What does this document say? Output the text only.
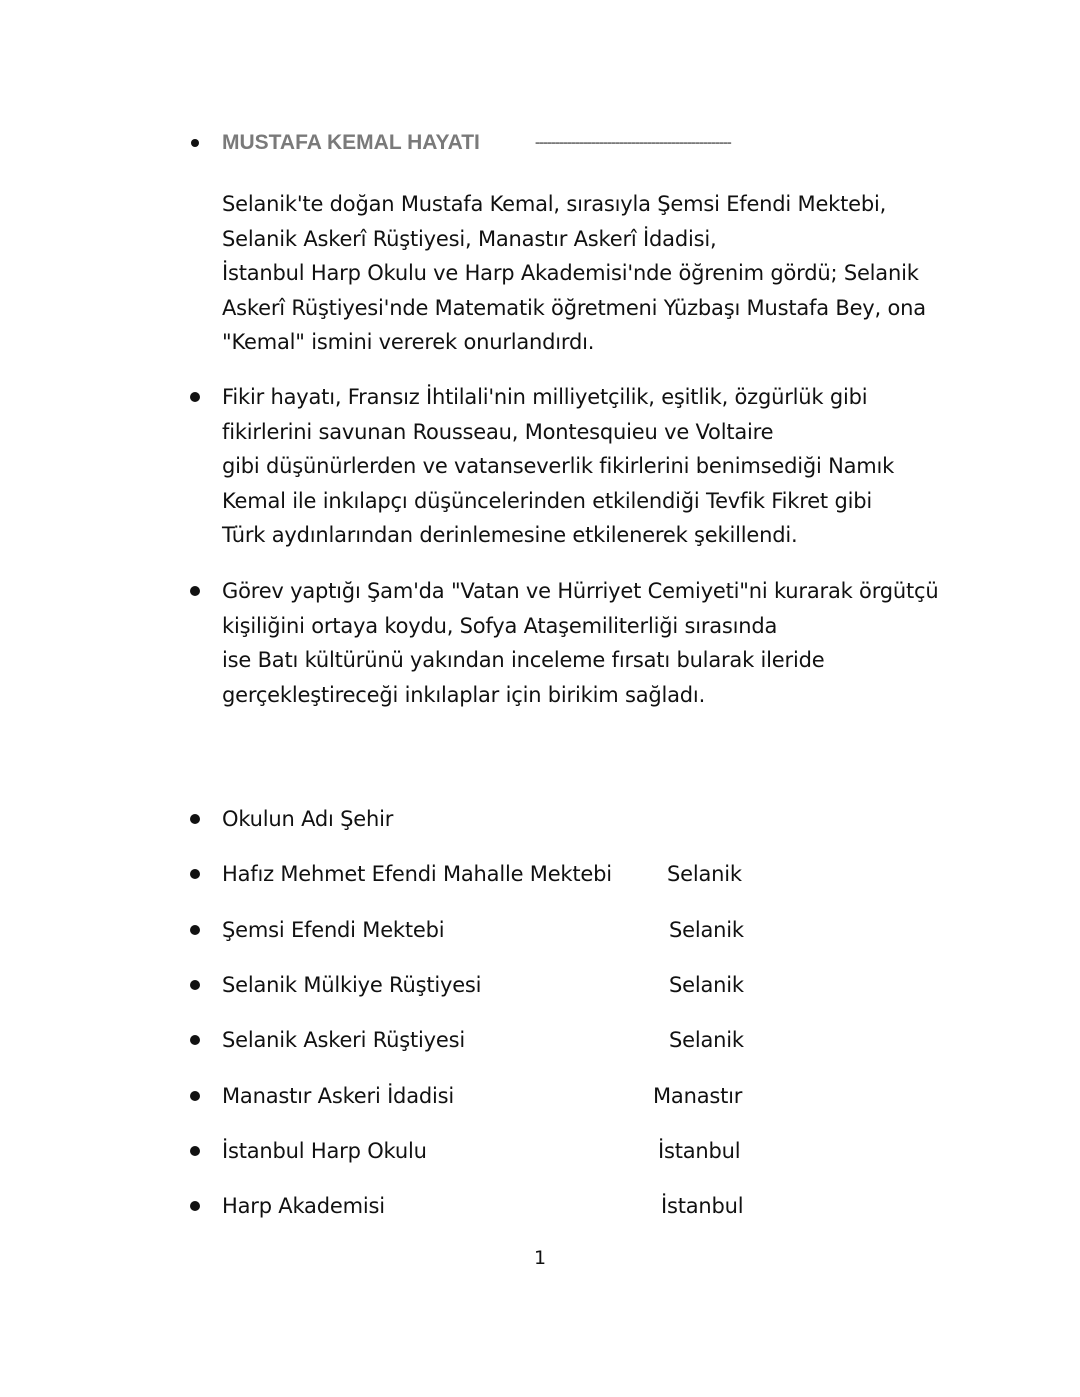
MUSTAFA KEMAL HAYATI	-------------------------------------------------
Selanik'te doğan Mustafa Kemal, sırasıyla Şemsi Efendi Mektebi,
Selanik Askerî Rüştiyesi, Manastır Askerî İdadisi,
İstanbul Harp Okulu ve Harp Akademisi'nde öğrenim gördü; Selanik
Askerî Rüştiyesi'nde Matematik öğretmeni Yüzbaşı Mustafa Bey, ona
"Kemal" ismini vererek onurlandırdı.
Fikir hayatı, Fransız İhtilali'nin milliyetçilik, eşitlik, özgürlük gibi
fikirlerini savunan Rousseau, Montesquieu ve Voltaire
gibi düşünürlerden ve vatanseverlik fikirlerini benimsediği Namık
Kemal ile inkılapçı düşüncelerinden etkilendiği Tevfik Fikret gibi
Türk aydınlarından derinlemesine etkilenerek şekillendi.
Görev yaptığı Şam'da "Vatan ve Hürriyet Cemiyeti"ni kurarak örgütçü
kişiliğini ortaya koydu, Sofya Ataşemiliterliği sırasında
ise Batı kültürünü yakından inceleme fırsatı bularak ileride
gerçekleştireceği inkılaplar için birikim sağladı.
Okulun Adı Şehir
Hafız Mehmet Efendi Mahalle Mektebi	Selanik
Şemsi Efendi Mektebi	Selanik
Selanik Mülkiye Rüştiyesi	Selanik
Selanik Askeri Rüştiyesi	Selanik
Manastır Askeri İdadisi	Manastır
İstanbul Harp Okulu	İstanbul
Harp Akademisi	İstanbul
1
